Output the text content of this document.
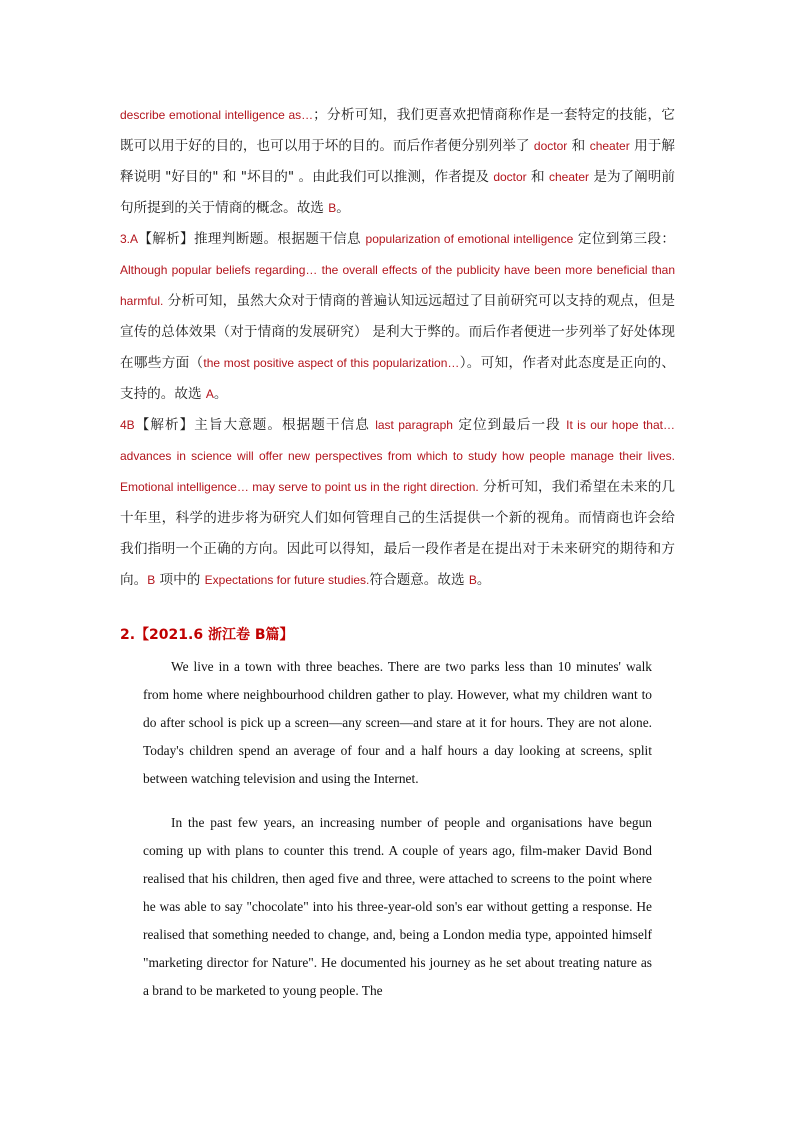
describe emotional intelligence as…；分析可知，我们更喜欢把情商称作是一套特定的技能，它既可以用于好的目的，也可以用于坏的目的。而后作者便分别列举了 doctor 和 cheater 用于解释说明 "好目的" 和 "坏目的" 。由此我们可以推测，作者提及 doctor 和 cheater 是为了阐明前句所提到的关于情商的概念。故选 B。

3.A【解析】推理判断题。根据题干信息 popularization of emotional intelligence 定位到第三段：Although popular beliefs regarding… the overall effects of the publicity have been more beneficial than harmful. 分析可知，虽然大众对于情商的普遍认知远远超过了目前研究可以支持的观点，但是宣传的总体效果（对于情商的发展研究） 是利大于弊的。而后作者便进一步列举了好处体现在哪些方面（the most positive aspect of this popularization…）。可知，作者对此态度是正向的、支持的。故选 A。

4B【解析】主旨大意题。根据题干信息 last paragraph 定位到最后一段 It is our hope that… advances in science will offer new perspectives from which to study how people manage their lives. Emotional intelligence… may serve to point us in the right direction. 分析可知，我们希望在未来的几十年里，科学的进步将为研究人们如何管理自己的生活提供一个新的视角。而情商也许会给我们指明一个正确的方向。因此可以得知，最后一段作者是在提出对于未来研究的期待和方向。B 项中的 Expectations for future studies.符合题意。故选 B。

2.【2021.6 浙江卷 B篇】

We live in a town with three beaches. There are two parks less than 10 minutes' walk from home where neighbourhood children gather to play. However, what my children want to do after school is pick up a screen—any screen—and stare at it for hours. They are not alone. Today's children spend an average of four and a half hours a day looking at screens, split between watching television and using the Internet.

In the past few years, an increasing number of people and organisations have begun coming up with plans to counter this trend. A couple of years ago, film-maker David Bond realised that his children, then aged five and three, were attached to screens to the point where he was able to say "chocolate" into his three-year-old son's ear without getting a response. He realised that something needed to change, and, being a London media type, appointed himself "marketing director for Nature". He documented his journey as he set about treating nature as a brand to be marketed to young people. The
